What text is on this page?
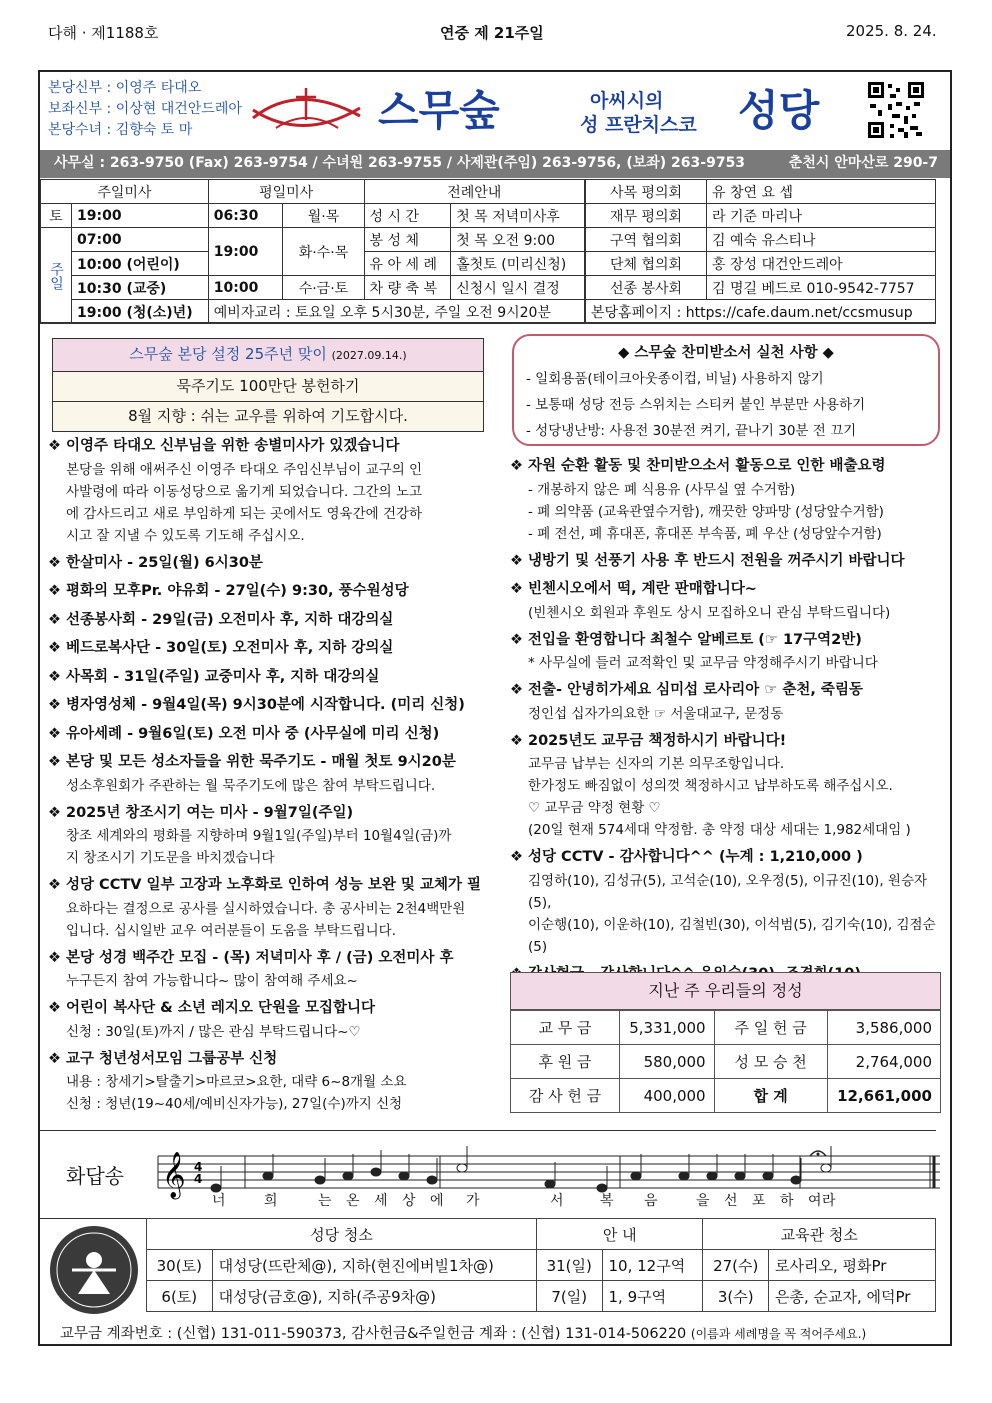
다해 · 제1188호	연중 제 21주일	2025. 8. 24.
본당신부 : 이영주 타대오
보좌신부 : 이상현 대건안드레아
본당수녀 : 김향숙 토 마	스무숲	아씨시의
성 프란치스코 성당
사무실 : 263-9750 (Fax) 263-9754 / 수녀원 263-9755 / 사제관(주임) 263-9756, (보좌) 263-9753	춘천시 안마산로 290-7
주일미사		평일미사		전례안내	
토	19:00	06:30	월·목	성 시 간	첫 목 저녁미사후
주일	07:00	19:00	화·수·목	봉 성 체	첫 목 오전 9:00
	10:00 (어린이)			유 아 세 례	홀첫토 (미리신청)
	10:30 (교중)	10:00	수·금·토	차 량 축 복	신청시 일시 결정
	19:00 (청(소)년)	예비자교리 : 토요일 오후 5시30분, 주일 오전 9시20분			
사목 평의회	유 창연 요 셉
재무 평의회	라 기준 마리나
구역 협의회	김 예숙 유스티나
단체 협의회	홍 장성 대건안드레아
선종 봉사회	김 명길 베드로 010-9542-7757
본당홈페이지 : https://cafe.daum.net/ccsmusup	
스무숲 본당 설정 25주년 맞이 (2027.09.14.)
묵주기도 100만단 봉헌하기
8월 지향 : 쉬는 교우를 위하여 기도합시다.
❖ 이영주 타대오 신부님을 위한 송별미사가 있겠습니다
본당을 위해 애써주신 이영주 타대오 주임신부님이 교구의 인
사발령에 따라 이동성당으로 옮기게 되었습니다. 그간의 노고
에 감사드리고 새로 부임하게 되는 곳에서도 영육간에 건강하
시고 잘 지낼 수 있도록 기도해 주십시오.
❖ 한살미사 - 25일(월) 6시30분
❖ 평화의 모후Pr. 야유회 - 27일(수) 9:30, 풍수원성당
❖ 선종봉사회 - 29일(금) 오전미사 후, 지하 대강의실
❖ 베드로복사단 - 30일(토) 오전미사 후, 지하 강의실
❖ 사목회 - 31일(주일) 교중미사 후, 지하 대강의실
❖ 병자영성체 - 9월4일(목) 9시30분에 시작합니다. (미리 신청)
❖ 유아세례 - 9월6일(토) 오전 미사 중 (사무실에 미리 신청)
❖ 본당 및 모든 성소자들을 위한 묵주기도 - 매월 첫토 9시20분
성소후원회가 주관하는 월 묵주기도에 많은 참여 부탁드립니다.
❖ 2025년 창조시기 여는 미사 - 9월7일(주일)
창조 세계와의 평화를 지향하며 9월1일(주일)부터 10월4일(금)까
지 창조시기 기도문을 바치겠습니다
❖ 성당 CCTV 일부 고장과 노후화로 인하여 성능 보완 및 교체가 필
요하다는 결정으로 공사를 실시하였습니다. 총 공사비는 2천4백만원
입니다. 십시일반 교우 여러분들이 도움을 부탁드립니다.
❖ 본당 성경 백주간 모집 - (목) 저녁미사 후 / (금) 오전미사 후
누구든지 참여 가능합니다~ 많이 참여해 주세요~
❖ 어린이 복사단 & 소년 레지오 단원을 모집합니다
신청 : 30일(토)까지 / 많은 관심 부탁드립니다~♡
❖ 교구 청년성서모임 그룹공부 신청
내용 : 창세기>탈출기>마르코>요한, 대략 6~8개월 소요
신청 : 청년(19~40세/예비신자가능), 27일(수)까지 신청
◆ 스무숲 찬미받소서 실천 사항 ◆
- 일회용품(테이크아웃종이컵, 비닐) 사용하지 않기
- 보통때 성당 전등 스위치는 스티커 붙인 부분만 사용하기
- 성당냉난방: 사용전 30분전 켜기, 끝나기 30분 전 끄기
❖ 자원 순환 활동 및 찬미받으소서 활동으로 인한 배출요령
- 개봉하지 않은 폐 식용유 (사무실 옆 수거함)
- 폐 의약품 (교육관옆수거함), 깨끗한 양파망 (성당앞수거함)
- 폐 전선, 폐 휴대폰, 휴대폰 부속품, 폐 우산 (성당앞수거함)
❖ 냉방기 및 선풍기 사용 후 반드시 전원을 꺼주시기 바랍니다
❖ 빈첸시오에서 떡, 계란 판매합니다~
(빈첸시오 회원과 후원도 상시 모집하오니 관심 부탁드립니다)
❖ 전입을 환영합니다 최철수 알베르토 (☞ 17구역2반)
* 사무실에 들러 교적확인 및 교무금 약정해주시기 바랍니다
❖ 전출- 안녕히가세요 심미섭 로사리아 ☞ 춘천, 죽림동
정인섭 십자가의요한 ☞ 서울대교구, 문정동
❖ 2025년도 교무금 책정하시기 바랍니다!
교무금 납부는 신자의 기본 의무조항입니다.
한가정도 빠짐없이 성의껏 책정하시고 납부하도록 해주십시오.
♡ 교무금 약정 현황 ♡
(20일 현재 574세대 약정함. 총 약정 대상 세대는 1,982세대임 )
❖ 성당 CCTV - 감사합니다^^ (누계 : 1,210,000 )
김영하(10), 김성규(5), 고석순(10), 오우정(5), 이규진(10), 원승자(5),
이순행(10), 이운하(10), 김철빈(30), 이석범(5), 김기숙(10), 김점순(5)
지난 주 우리들의 정성
교 무 금	5,331,000	주 일 헌 금	3,586,000
후 원 금	580,000	성 모 승 천	2,764,000
감 사 헌 금	400,000	합 계	12,661,000
화답송 𝄞 4
4
너	희	는 온 세 상 에 가	서	복 음	을 선 포 하 여 라
성당 청소		안 내		교육관 청소	
30(토)	대성당(뜨란체@), 지하(현진에버빌1차@)	31(일)	10, 12구역	27(수)	로사리오, 평화Pr
6(토)	대성당(금호@), 지하(주공9차@)	7(일)	1, 9구역	3(수)	은총, 순교자, 에덕Pr
교무금 계좌번호 : (신협) 131-011-590373, 감사헌금&주일헌금 계좌 : (신협) 131-014-506220 (이름과 세례명을 꼭 적어주세요.)
